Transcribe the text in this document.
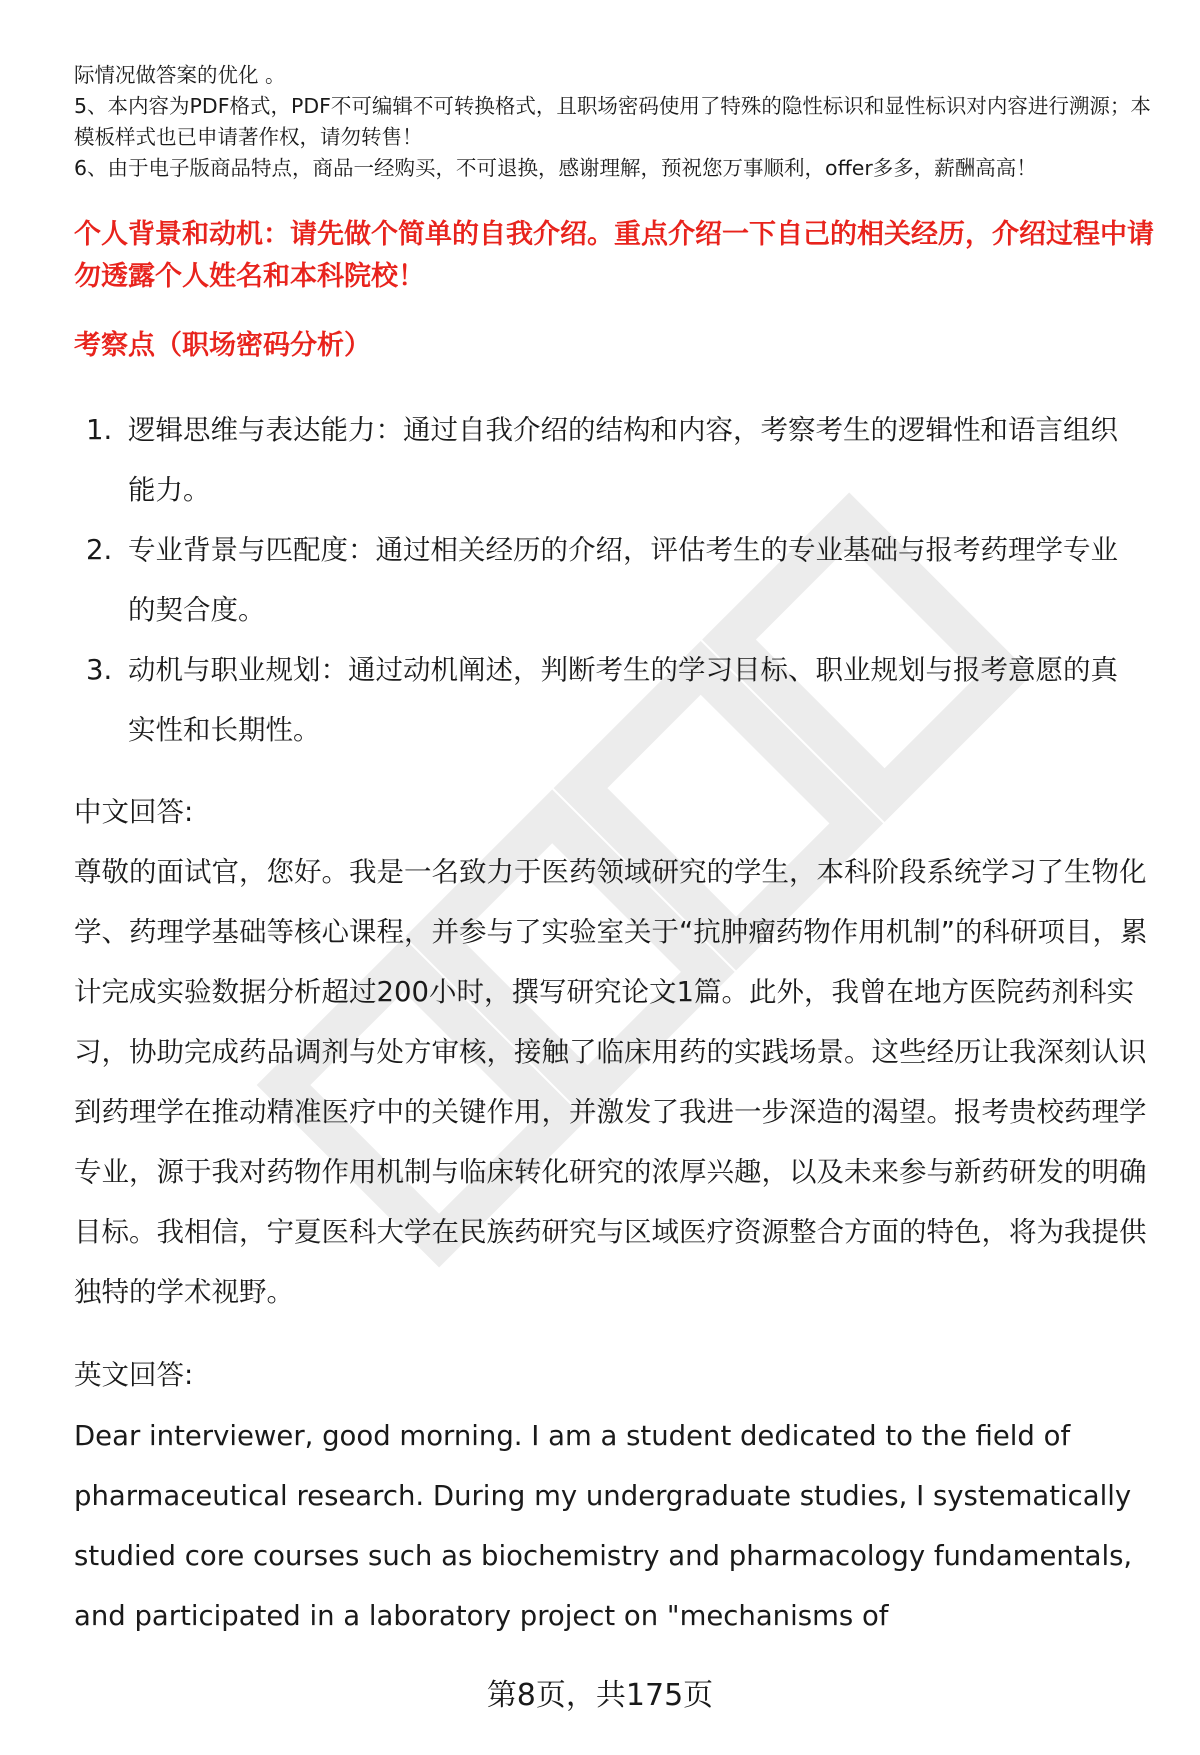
职场密码

际情况做答案的优化 。

5、本内容为PDF格式，PDF不可编辑不可转换格式，且职场密码使用了特殊的隐性标识和显性标识对内容进行溯源；本模板样式也已申请著作权，请勿转售！

6、由于电子版商品特点，商品一经购买，不可退换，感谢理解，预祝您万事顺利，offer多多，薪酬高高！

个人背景和动机：请先做个简单的自我介绍。重点介绍一下自己的相关经历，介绍过程中请勿透露个人姓名和本科院校！

考察点（职场密码分析）

1. 逻辑思维与表达能力：通过自我介绍的结构和内容，考察考生的逻辑性和语言组织能力。
2. 专业背景与匹配度：通过相关经历的介绍，评估考生的专业基础与报考药理学专业的契合度。
3. 动机与职业规划：通过动机阐述，判断考生的学习目标、职业规划与报考意愿的真实性和长期性。
中文回答:

尊敬的面试官，您好。我是一名致力于医药领域研究的学生，本科阶段系统学习了生物化学、药理学基础等核心课程，并参与了实验室关于“抗肿瘤药物作用机制”的科研项目，累计完成实验数据分析超过200小时，撰写研究论文1篇。此外，我曾在地方医院药剂科实习，协助完成药品调剂与处方审核，接触了临床用药的实践场景。这些经历让我深刻认识到药理学在推动精准医疗中的关键作用，并激发了我进一步深造的渴望。报考贵校药理学专业，源于我对药物作用机制与临床转化研究的浓厚兴趣，以及未来参与新药研发的明确目标。我相信，宁夏医科大学在民族药研究与区域医疗资源整合方面的特色，将为我提供独特的学术视野。

英文回答:

Dear interviewer, good morning. I am a student dedicated to the field of pharmaceutical research. During my undergraduate studies, I systematically studied core courses such as biochemistry and pharmacology fundamentals, and participated in a laboratory project on "mechanisms of

第8页，共175页
